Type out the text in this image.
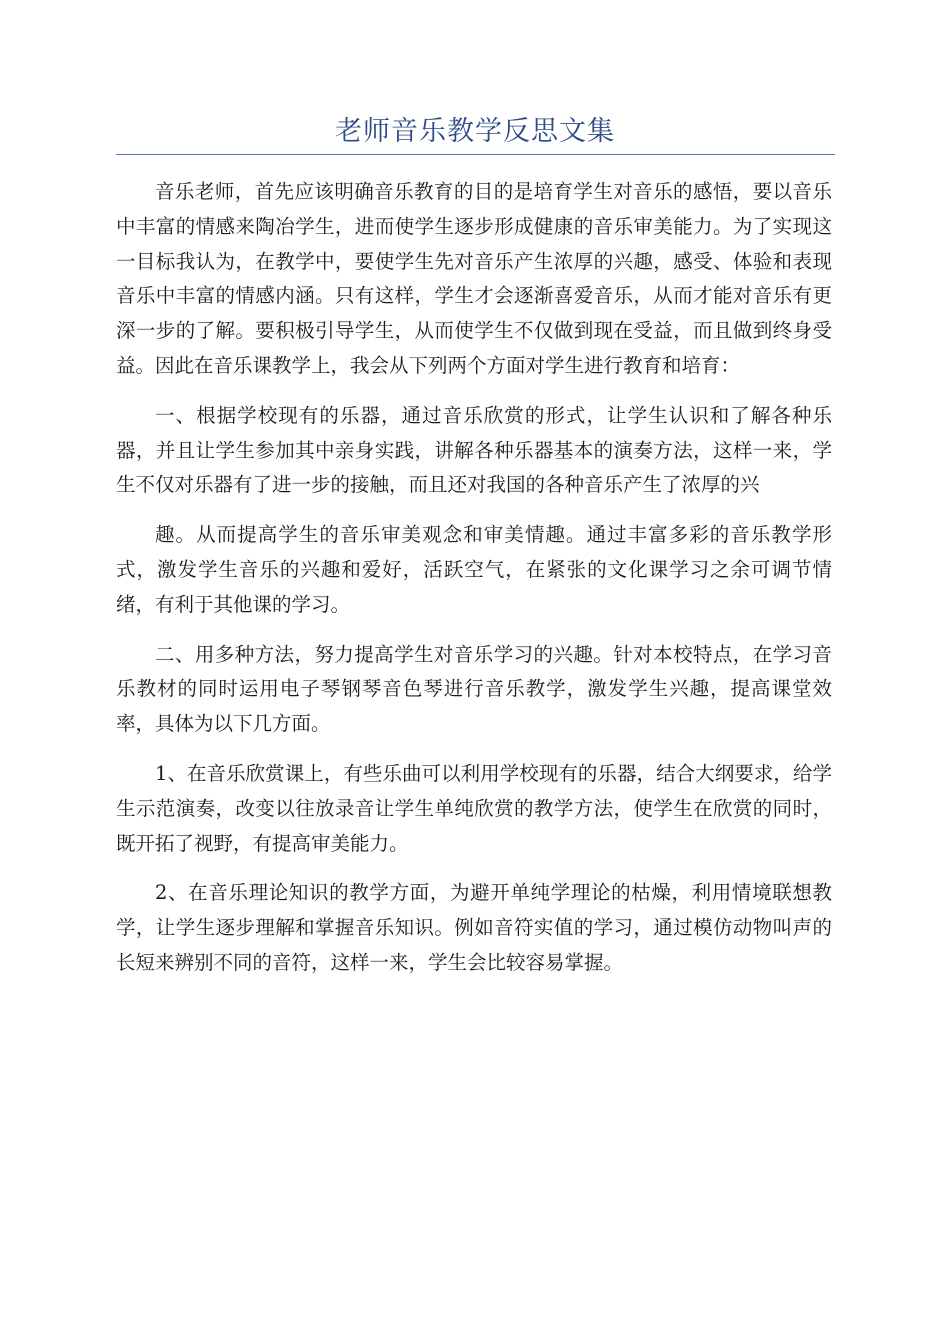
老师音乐教学反思文集

音乐老师，首先应该明确音乐教育的目的是培育学生对音乐的感悟，要以音乐中丰富的情感来陶冶学生，进而使学生逐步形成健康的音乐审美能力。为了实现这一目标我认为，在教学中，要使学生先对音乐产生浓厚的兴趣，感受、体验和表现音乐中丰富的情感内涵。只有这样，学生才会逐渐喜爱音乐，从而才能对音乐有更深一步的了解。要积极引导学生，从而使学生不仅做到现在受益，而且做到终身受益。因此在音乐课教学上，我会从下列两个方面对学生进行教育和培育：

一、根据学校现有的乐器，通过音乐欣赏的形式，让学生认识和了解各种乐器，并且让学生参加其中亲身实践，讲解各种乐器基本的演奏方法，这样一来，学生不仅对乐器有了进一步的接触，而且还对我国的各种音乐产生了浓厚的兴

趣。从而提高学生的音乐审美观念和审美情趣。通过丰富多彩的音乐教学形式，激发学生音乐的兴趣和爱好，活跃空气，在紧张的文化课学习之余可调节情绪，有利于其他课的学习。

二、用多种方法，努力提高学生对音乐学习的兴趣。针对本校特点，在学习音乐教材的同时运用电子琴钢琴音色琴进行音乐教学，激发学生兴趣，提高课堂效率，具体为以下几方面。

1、在音乐欣赏课上，有些乐曲可以利用学校现有的乐器，结合大纲要求，给学生示范演奏，改变以往放录音让学生单纯欣赏的教学方法，使学生在欣赏的同时，既开拓了视野，有提高审美能力。

2、在音乐理论知识的教学方面，为避开单纯学理论的枯燥，利用情境联想教学，让学生逐步理解和掌握音乐知识。例如音符实值的学习，通过模仿动物叫声的长短来辨别不同的音符，这样一来，学生会比较容易掌握。
